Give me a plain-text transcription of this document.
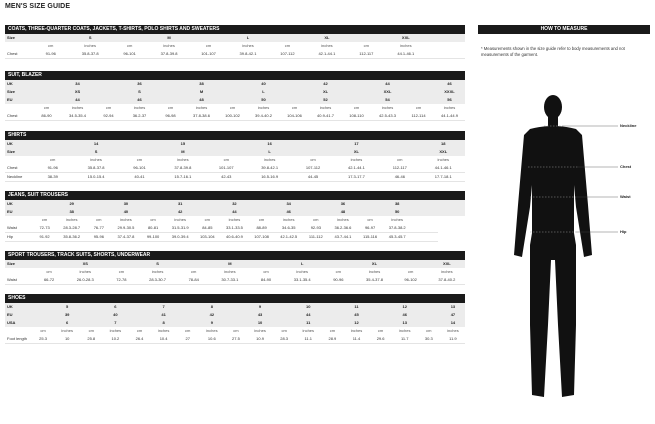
MEN'S SIZE GUIDE
COATS, THREE-QUARTER COATS, JACKETS, T-SHIRTS, POLO SHIRTS AND SWEATERS
Size		S		M		L		XL		XXL	
	cm	inches	cm	inches	cm	inches	cm	inches	cm	inches	
Chest	91-96	35.8-37.8	96-101	37.8-39.8	101-107	39.8-42.1	107-112	42.1-44.1	112-117	44.1-46.1	
SUIT, BLAZER
UK		34		36		38		40		42		44		46
Size		XS		S		M		L		XL		XXL		XXXL
EU		44		46		48		50		52		54		56
	cm	inches	cm	inches	cm	inches	cm	inches	cm	inches	cm	inches	cm	inches
Chest	86-90	34.5-35.4	92-94	36.2-37	96-98	37.8-38.6	100-102	39.4-40.2	104-106	40.9-41.7	108-110	42.5-43.3	112-114	44.1-44.9
SHIRTS
UK		14		15		16		17		18
Size		S		M		L		XL		XXL
	cm	inches	cm	inches	cm	inches	cm	inches	cm	inches
Chest	91-96	35.8-37.8	96-101	37.8-39.8	101-107	39.8-42.1	107-112	42.1-44.1	112-117	44.1-46.1
Neckline	38-39	15.0-15.4	40-41	15.7-16.1	42-43	16.5-16.9	44-45	17.3-17.7	46-46	17.7-18.1
JEANS, SUIT TROUSERS
UK		29		30		31		32		34		36		38		
EU		38		40		42		44		46		48		50		
	cm	inches	cm	inches	cm	inches	cm	inches	cm	inches	cm	inches	cm	inches		
Waist	72-73	28.3-28.7	76-77	29.9-30.5	80-81	31.5-31.9	84-85	33.1-33.5	88-89	34.6-35	92-93	36.2-36.6	96-97	37.8-38.2		
Hip	91.92	35.8-36.2	95-96	37.4-37.8	99-100	39.0-39.4	103-104	40.6-40.9	107-108	42.1-42.5	111-112	43.7-44.1	115-116	45.3-45.7		
SPORT TROUSERS, TRACK SUITS, SHORTS, UNDERWEAR
Size		XS		S		M		L		XL		XXL
	cm	inches	cm	inches	cm	inches	cm	inches	cm	inches	cm	inches
Waist	66-72	26.0-28.3	72-78	28.3-30.7	78-84	30.7-33.1	84-90	33.1-35.4	90-96	35.4-37.8	96-102	37.8-40.2
SHOES
UK		5		6		7		8		9		10		11		12		13
EU		39		40		41		42		43		44		45		46		47
USA		6		7		8		9		10		11		12		13		14
	cm	inches	cm	inches	cm	inches	cm	inches	cm	inches	cm	inches	cm	inches	cm	inches	cm	inches
Foot length	25.3	10	25.8	10.2	26.4	10.4	27	10.6	27.5	10.9	28.3	11.1	28.9	11.4	29.6	11.7	30.3	11.9
HOW TO MEASURE
* Measurements shown in the size guide refer to body measurements and not measurements of the garment.
Neckline
Chest
Waist
Hip
